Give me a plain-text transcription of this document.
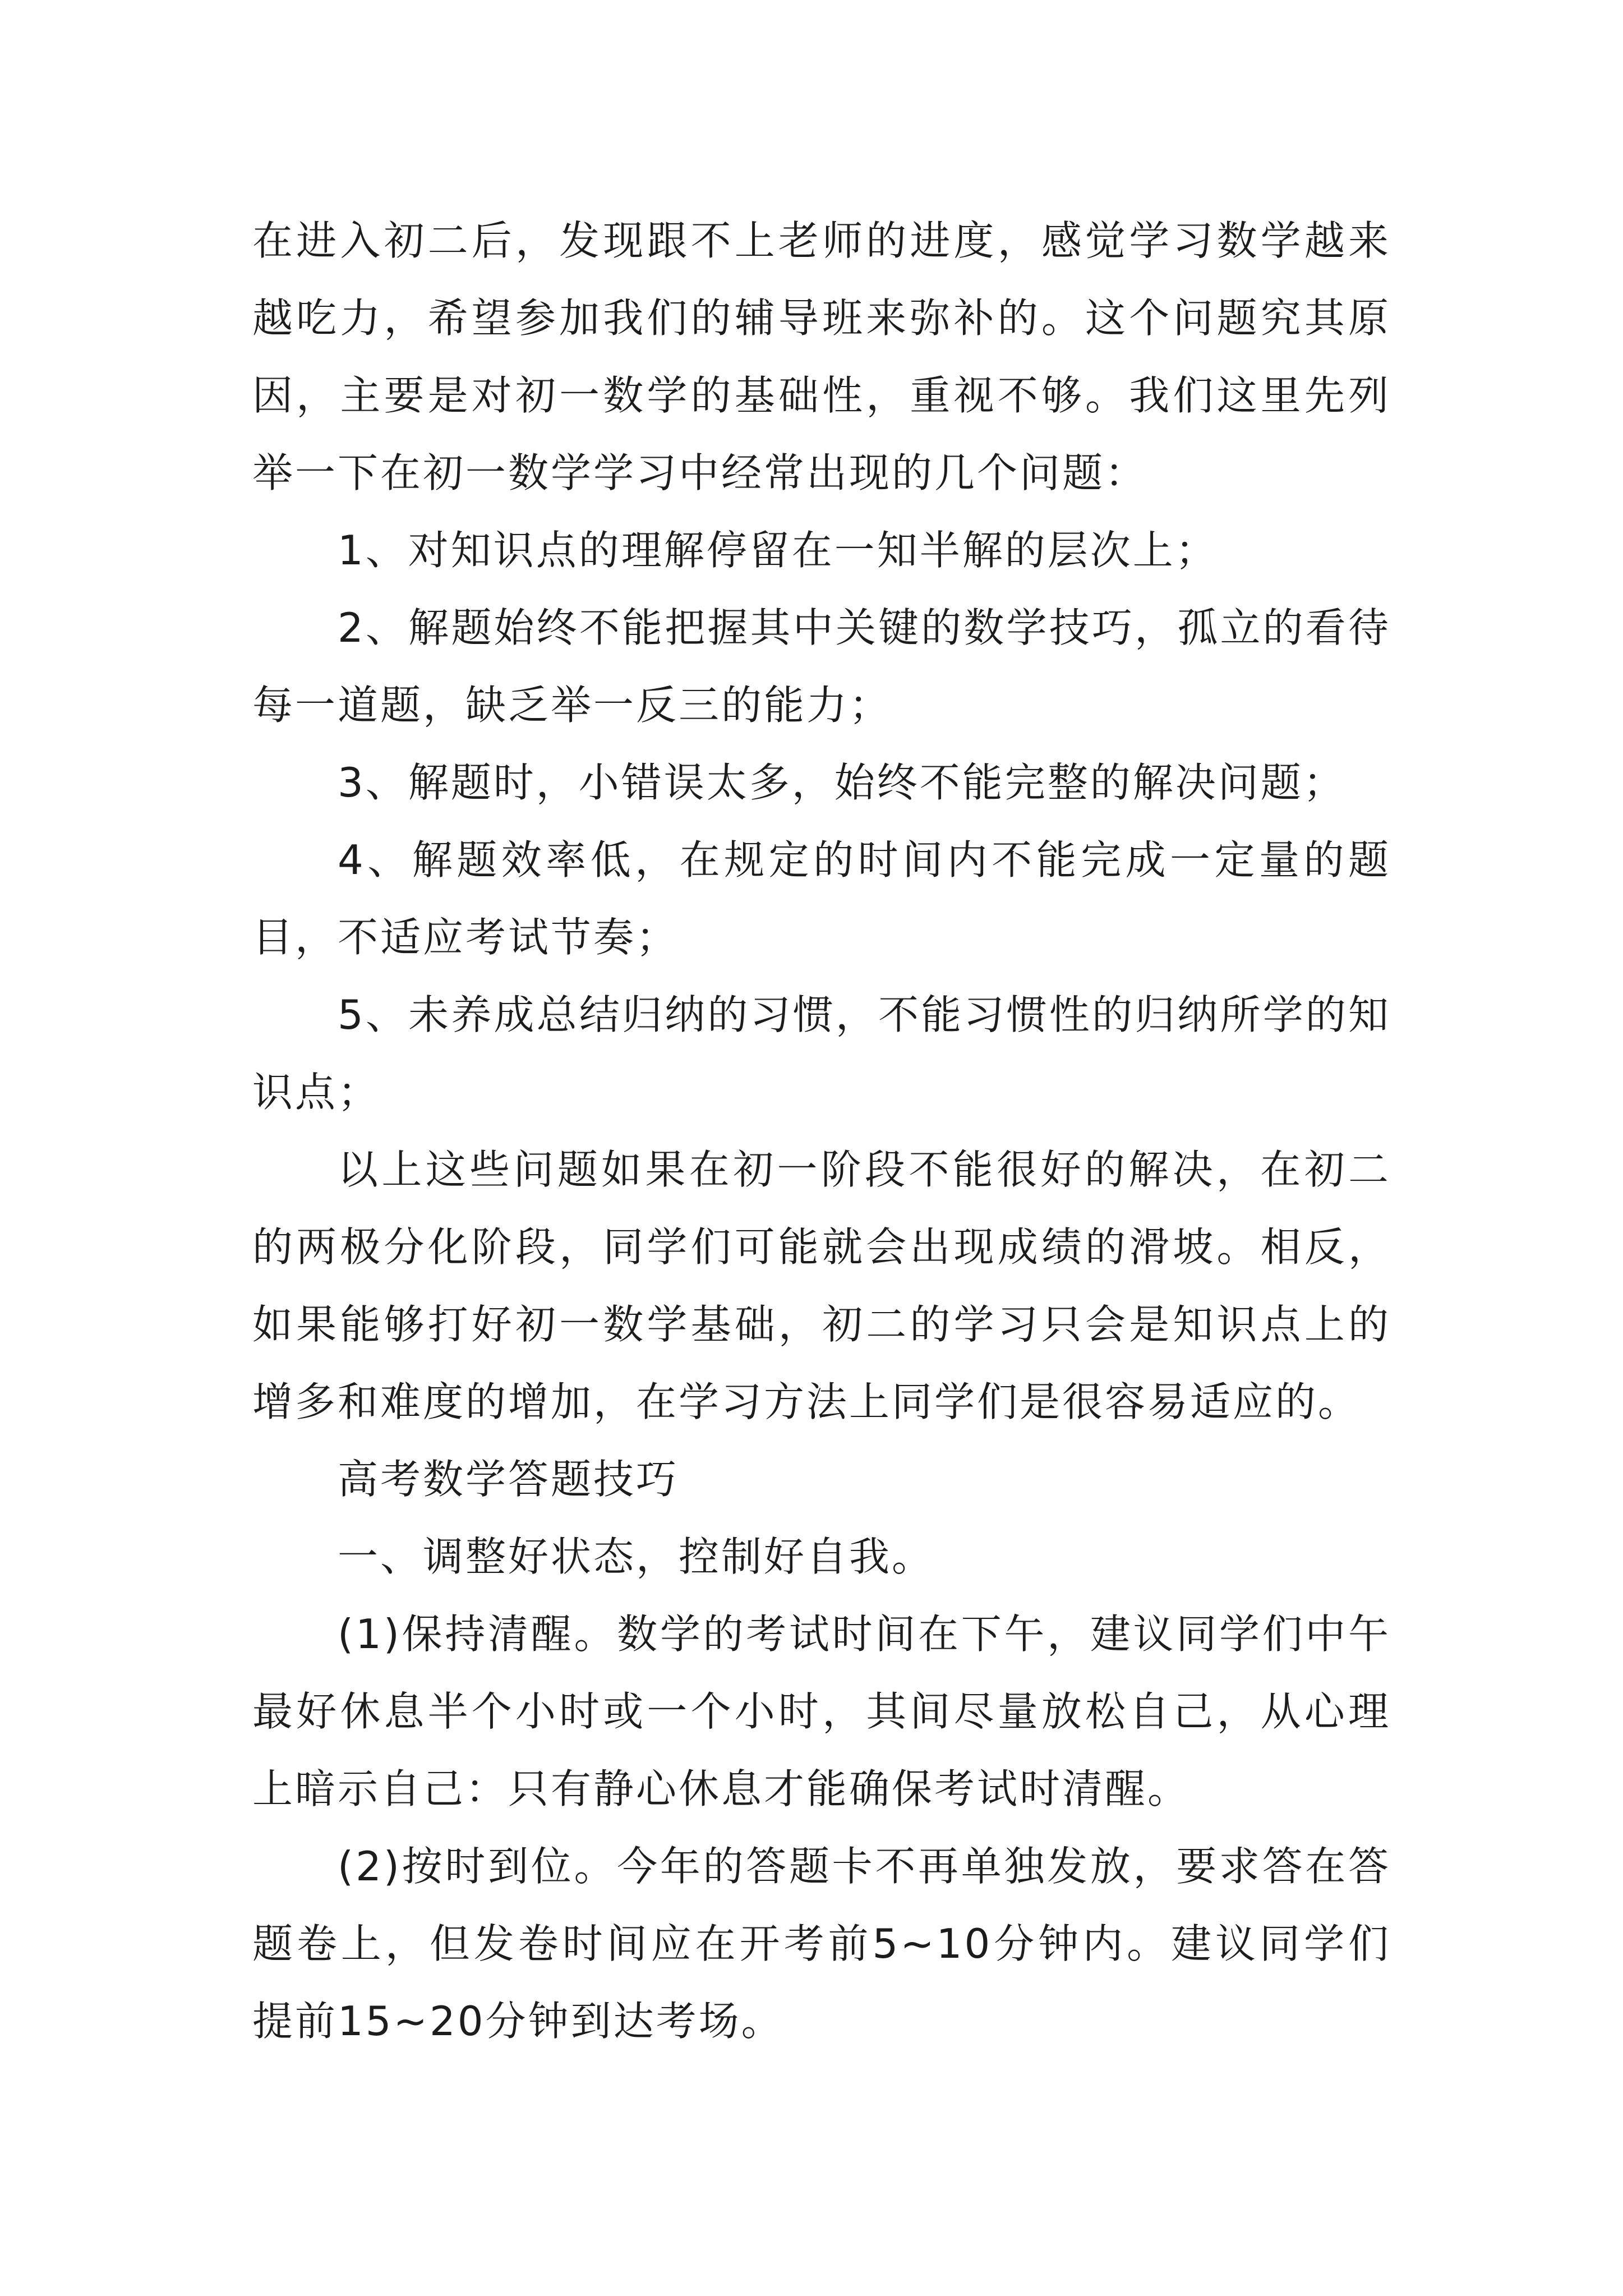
在进入初二后，发现跟不上老师的进度，感觉学习数学越来越吃力，希望参加我们的辅导班来弥补的。这个问题究其原因，主要是对初一数学的基础性，重视不够。我们这里先列举一下在初一数学学习中经常出现的几个问题：

1、对知识点的理解停留在一知半解的层次上；

2、解题始终不能把握其中关键的数学技巧，孤立的看待每一道题，缺乏举一反三的能力；

3、解题时，小错误太多，始终不能完整的解决问题；

4、解题效率低，在规定的时间内不能完成一定量的题目，不适应考试节奏；

5、未养成总结归纳的习惯，不能习惯性的归纳所学的知识点；

以上这些问题如果在初一阶段不能很好的解决，在初二的两极分化阶段，同学们可能就会出现成绩的滑坡。相反，如果能够打好初一数学基础，初二的学习只会是知识点上的增多和难度的增加，在学习方法上同学们是很容易适应的。

高考数学答题技巧

一、调整好状态，控制好自我。

(1)保持清醒。数学的考试时间在下午，建议同学们中午最好休息半个小时或一个小时，其间尽量放松自己，从心理上暗示自己：只有静心休息才能确保考试时清醒。

(2)按时到位。今年的答题卡不再单独发放，要求答在答题卷上，但发卷时间应在开考前5~10分钟内。建议同学们提前15~20分钟到达考场。
